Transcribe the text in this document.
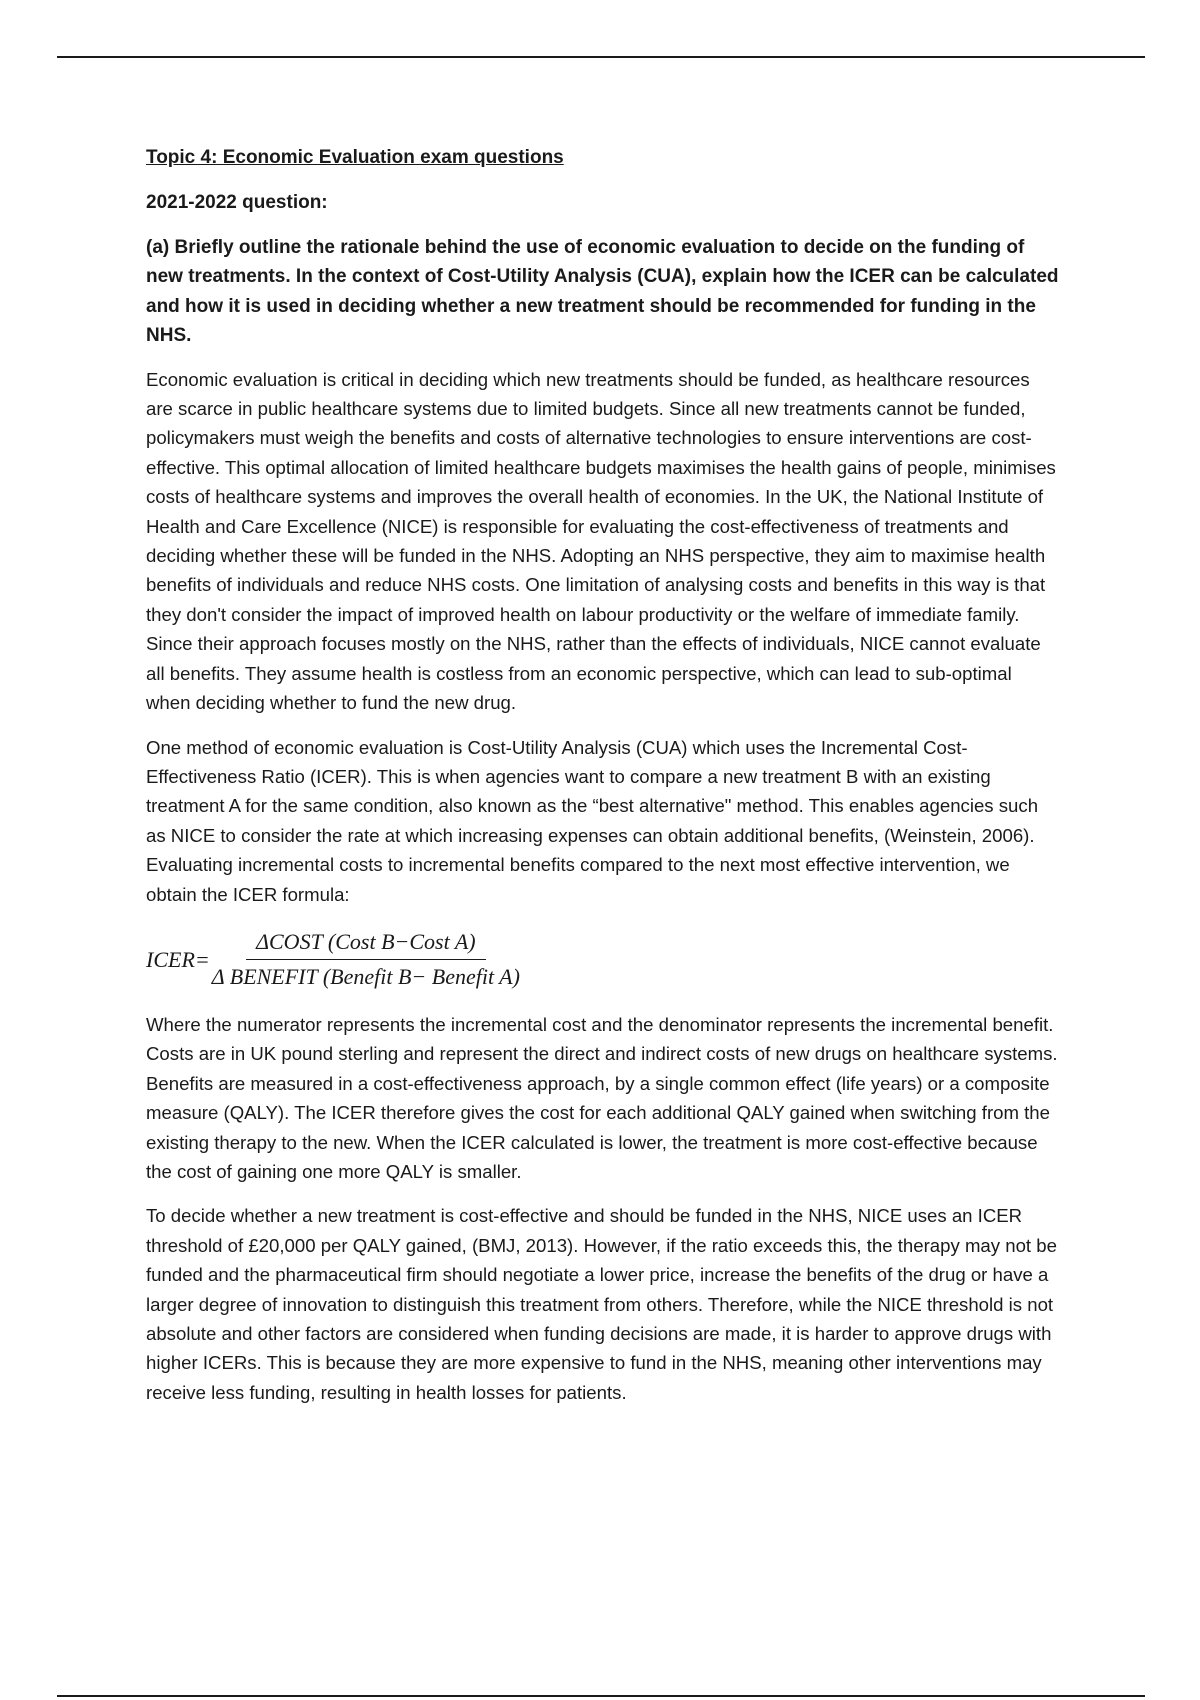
Topic 4: Economic Evaluation exam questions
2021-2022 question:
(a) Briefly outline the rationale behind the use of economic evaluation to decide on the funding of new treatments. In the context of Cost-Utility Analysis (CUA), explain how the ICER can be calculated and how it is used in deciding whether a new treatment should be recommended for funding in the NHS.

Economic evaluation is critical in deciding which new treatments should be funded, as healthcare resources are scarce in public healthcare systems due to limited budgets. Since all new treatments cannot be funded, policymakers must weigh the benefits and costs of alternative technologies to ensure interventions are cost-effective. This optimal allocation of limited healthcare budgets maximises the health gains of people, minimises costs of healthcare systems and improves the overall health of economies. In the UK, the National Institute of Health and Care Excellence (NICE) is responsible for evaluating the cost-effectiveness of treatments and deciding whether these will be funded in the NHS. Adopting an NHS perspective, they aim to maximise health benefits of individuals and reduce NHS costs. One limitation of analysing costs and benefits in this way is that they don't consider the impact of improved health on labour productivity or the welfare of immediate family. Since their approach focuses mostly on the NHS, rather than the effects of individuals, NICE cannot evaluate all benefits. They assume health is costless from an economic perspective, which can lead to sub-optimal when deciding whether to fund the new drug.

One method of economic evaluation is Cost-Utility Analysis (CUA) which uses the Incremental Cost-Effectiveness Ratio (ICER). This is when agencies want to compare a new treatment B with an existing treatment A for the same condition, also known as the “best alternative" method. This enables agencies such as NICE to consider the rate at which increasing expenses can obtain additional benefits, (Weinstein, 2006). Evaluating incremental costs to incremental benefits compared to the next most effective intervention, we obtain the ICER formula:

ICER= $\frac{\text{ΔCOST (Cost B−Cost A)}}{\text{Δ BENEFIT (Benefit B− Benefit A)}}$

Where the numerator represents the incremental cost and the denominator represents the incremental benefit. Costs are in UK pound sterling and represent the direct and indirect costs of new drugs on healthcare systems. Benefits are measured in a cost-effectiveness approach, by a single common effect (life years) or a composite measure (QALY). The ICER therefore gives the cost for each additional QALY gained when switching from the existing therapy to the new. When the ICER calculated is lower, the treatment is more cost-effective because the cost of gaining one more QALY is smaller.

To decide whether a new treatment is cost-effective and should be funded in the NHS, NICE uses an ICER threshold of £20,000 per QALY gained, (BMJ, 2013). However, if the ratio exceeds this, the therapy may not be funded and the pharmaceutical firm should negotiate a lower price, increase the benefits of the drug or have a larger degree of innovation to distinguish this treatment from others. Therefore, while the NICE threshold is not absolute and other factors are considered when funding decisions are made, it is harder to approve drugs with higher ICERs. This is because they are more expensive to fund in the NHS, meaning other interventions may receive less funding, resulting in health losses for patients.
